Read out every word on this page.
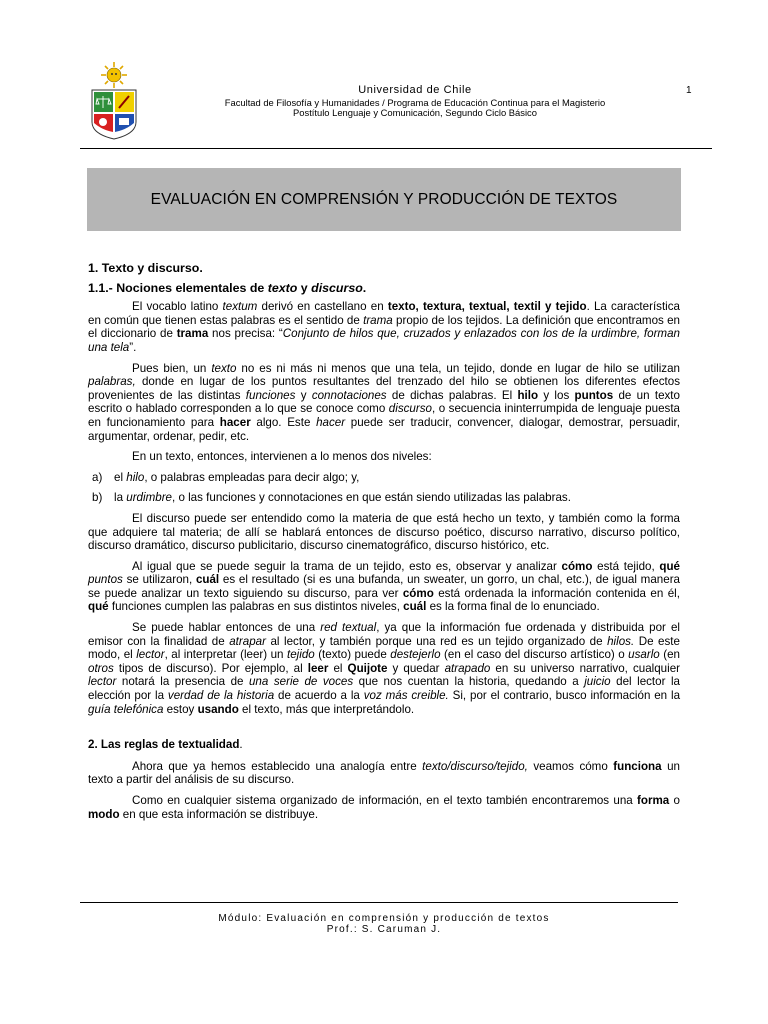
Universidad de Chile
Facultad de Filosofía y Humanidades / Programa de Educación Continua para el Magisterio
Postítulo Lenguaje y Comunicación, Segundo Ciclo Básico
1
EVALUACIÓN EN COMPRENSIÓN Y PRODUCCIÓN DE TEXTOS
1. Texto y discurso.
1.1.- Nociones elementales de texto y discurso.

El vocablo latino textum derivó en castellano en texto, textura, textual, textil y tejido. La característica en común que tienen estas palabras es el sentido de trama propio de los tejidos. La definición que encontramos en el diccionario de trama nos precisa: “Conjunto de hilos que, cruzados y enlazados con los de la urdimbre, forman una tela”.

Pues bien, un texto no es ni más ni menos que una tela, un tejido, donde en lugar de hilo se utilizan palabras, donde en lugar de los puntos resultantes del trenzado del hilo se obtienen los diferentes efectos provenientes de las distintas funciones y connotaciones de dichas palabras. El hilo y los puntos de un texto escrito o hablado corresponden a lo que se conoce como discurso, o secuencia ininterrumpida de lenguaje puesta en funcionamiento para hacer algo. Este hacer puede ser traducir, convencer, dialogar, demostrar, persuadir, argumentar, ordenar, pedir, etc.

En un texto, entonces, intervienen a lo menos dos niveles:

a)	el hilo, o palabras empleadas para decir algo; y,
b)	la urdimbre, o las funciones y connotaciones en que están siendo utilizadas las palabras.

El discurso puede ser entendido como la materia de que está hecho un texto, y también como la forma que adquiere tal materia; de allí se hablará entonces de discurso poético, discurso narrativo, discurso político, discurso dramático, discurso publicitario, discurso cinematográfico, discurso histórico, etc.

Al igual que se puede seguir la trama de un tejido, esto es, observar y analizar cómo está tejido, qué puntos se utilizaron, cuál es el resultado (si es una bufanda, un sweater, un gorro, un chal, etc.), de igual manera se puede analizar un texto siguiendo su discurso, para ver cómo está ordenada la información contenida en él, qué funciones cumplen las palabras en sus distintos niveles, cuál es la forma final de lo enunciado.

Se puede hablar entonces de una red textual, ya que la información fue ordenada y distribuida por el emisor con la finalidad de atrapar al lector, y también porque una red es un tejido organizado de hilos. De este modo, el lector, al interpretar (leer) un tejido (texto) puede destejerlo (en el caso del discurso artístico) o usarlo (en otros tipos de discurso). Por ejemplo, al leer el Quijote y quedar atrapado en su universo narrativo, cualquier lector notará la presencia de una serie de voces que nos cuentan la historia, quedando a juicio del lector la elección por la verdad de la historia de acuerdo a la voz más creible. Si, por el contrario, busco información en la guía telefónica estoy usando el texto, más que interpretándolo.

2. Las reglas de textualidad.

Ahora que ya hemos establecido una analogía entre texto/discurso/tejido, veamos cómo funciona un texto a partir del análisis de su discurso.

Como en cualquier sistema organizado de información, en el texto también encontraremos una forma o modo en que esta información se distribuye.

Módulo: Evaluación en comprensión y producción de textos
Prof.: S. Caruman J.
